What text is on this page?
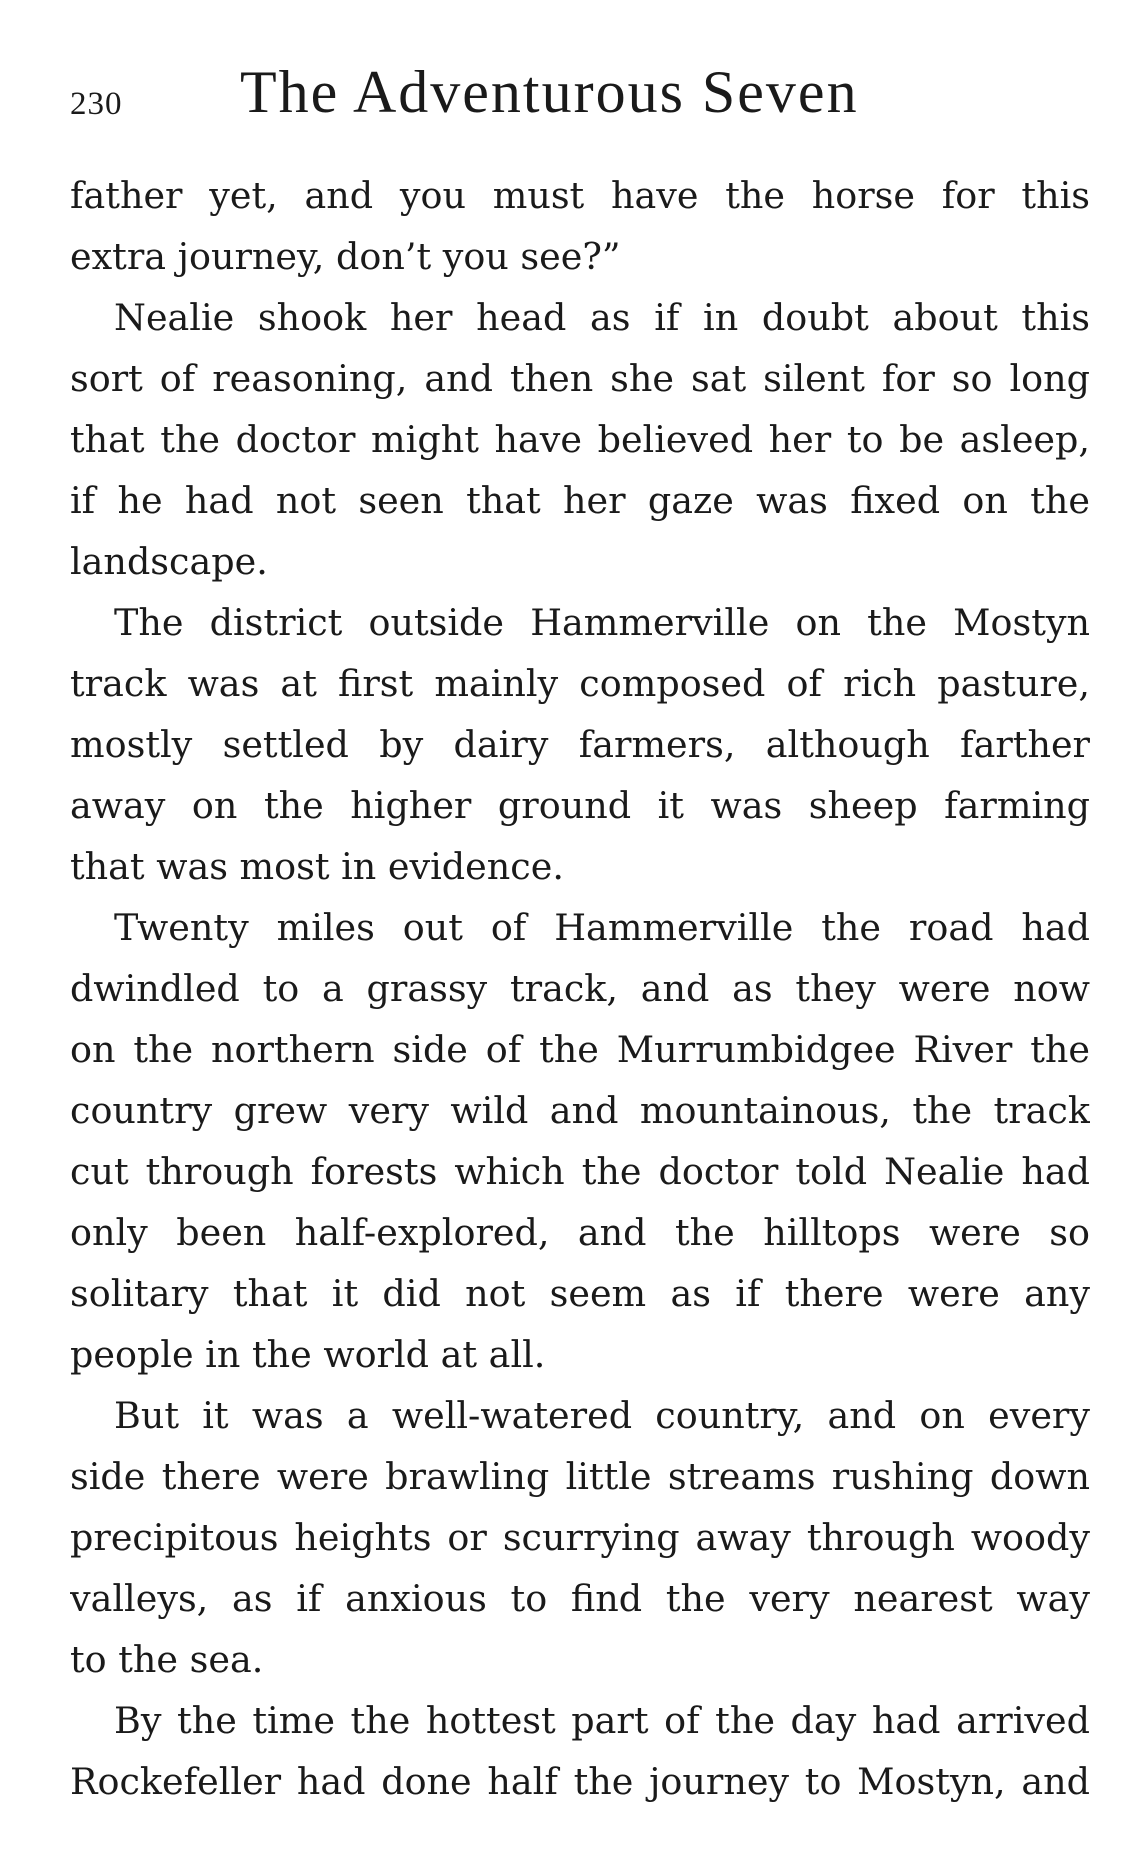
230 The Adventurous Seven
father yet, and you must have the horse for this
extra journey, don’t you see?”
Nealie shook her head as if in doubt about this
sort of reasoning, and then she sat silent for so long
that the doctor might have believed her to be asleep,
if he had not seen that her gaze was fixed on the
landscape.
The district outside Hammerville on the Mostyn
track was at first mainly composed of rich pasture,
mostly settled by dairy farmers, although farther
away on the higher ground it was sheep farming
that was most in evidence.
Twenty miles out of Hammerville the road had
dwindled to a grassy track, and as they were now
on the northern side of the Murrumbidgee River the
country grew very wild and mountainous, the track
cut through forests which the doctor told Nealie had
only been half-explored, and the hilltops were so
solitary that it did not seem as if there were any
people in the world at all.
But it was a well-watered country, and on every
side there were brawling little streams rushing down
precipitous heights or scurrying away through woody
valleys, as if anxious to find the very nearest way
to the sea.
By the time the hottest part of the day had arrived
Rockefeller had done half the journey to Mostyn, and
